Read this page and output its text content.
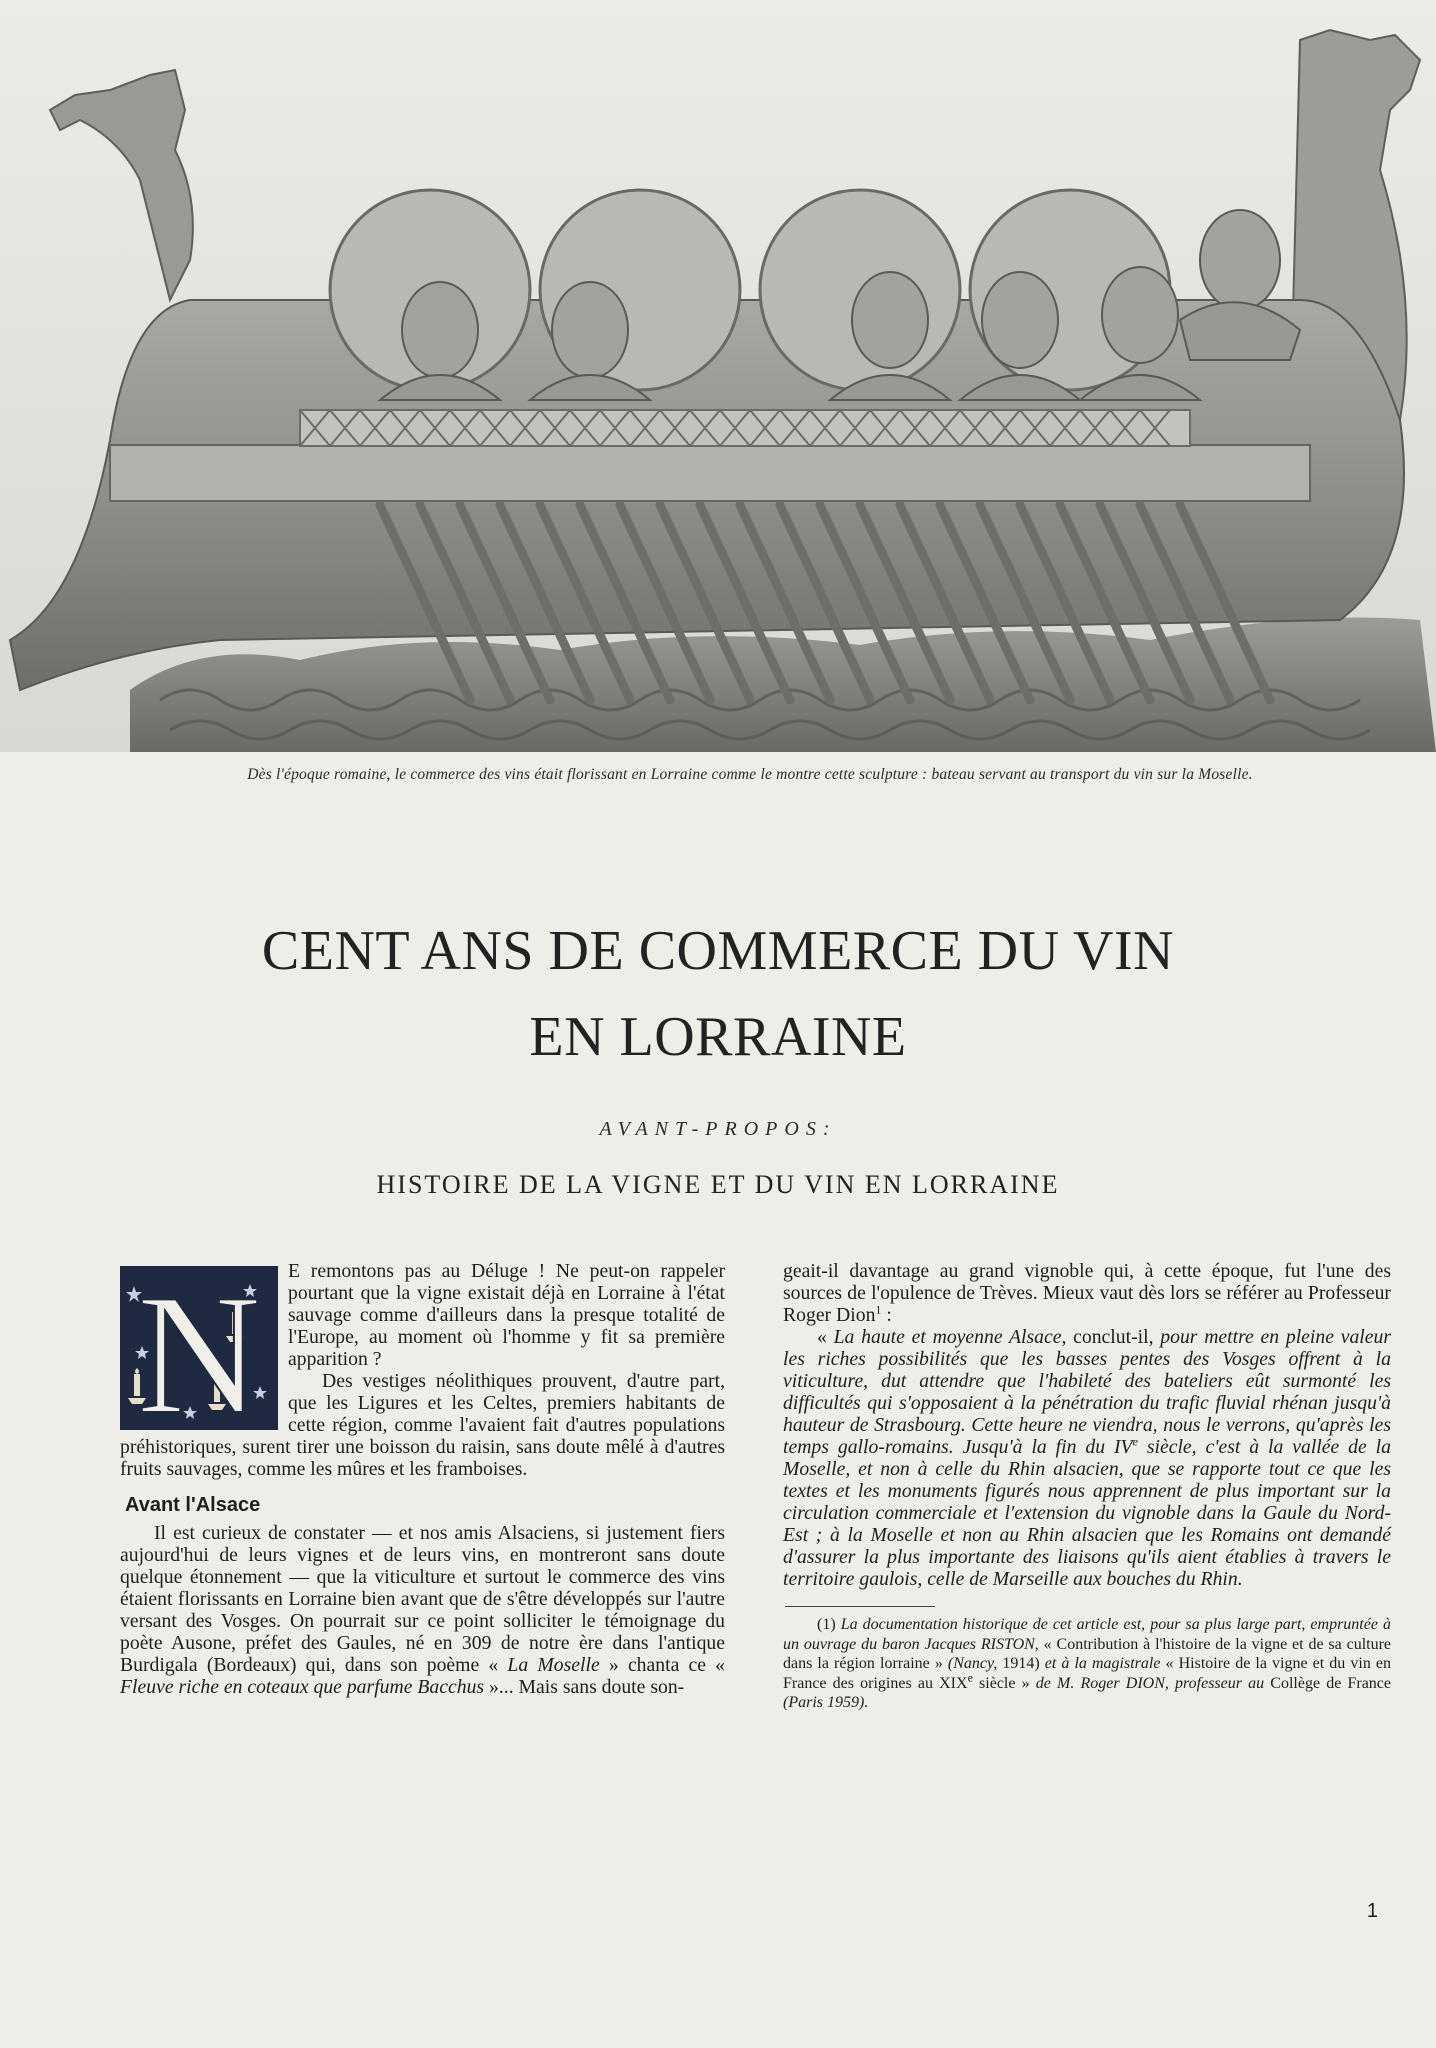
Dès l'époque romaine, le commerce des vins était florissant en Lorraine comme le montre cette sculpture : bateau servant au transport du vin sur la Moselle.
CENT ANS DE COMMERCE DU VIN
EN LORRAINE
AVANT-PROPOS:
HISTOIRE DE LA VIGNE ET DU VIN EN LORRAINE
N	E remontons pas au Déluge ! Ne peut-on rappeler pourtant que la vigne existait déjà en Lorraine à l'état sauvage comme d'ailleurs dans la presque totalité de l'Europe, au moment où l'homme y fit sa première apparition ?

Des vestiges néolithiques prouvent, d'autre part, que les Ligures et les Celtes, premiers habitants de cette région, comme l'avaient fait d'autres populations préhistoriques, surent tirer une boisson du raisin, sans doute mêlé à d'autres fruits sauvages, comme les mûres et les framboises.

Avant l'Alsace

Il est curieux de constater — et nos amis Alsaciens, si justement fiers aujourd'hui de leurs vignes et de leurs vins, en montreront sans doute quelque étonnement — que la viticulture et surtout le commerce des vins étaient florissants en Lorraine bien avant que de s'être développés sur l'autre versant des Vosges. On pourrait sur ce point solliciter le témoignage du poète Ausone, préfet des Gaules, né en 309 de notre ère dans l'antique Burdigala (Bordeaux) qui, dans son poème « La Moselle » chanta ce « Fleuve riche en coteaux que parfume Bacchus »... Mais sans doute son-

geait-il davantage au grand vignoble qui, à cette époque, fut l'une des sources de l'opulence de Trèves. Mieux vaut dès lors se référer au Professeur Roger Dion$^1$ :

« La haute et moyenne Alsace, conclut-il, pour mettre en pleine valeur les riches possibilités que les basses pentes des Vosges offrent à la viticulture, dut attendre que l'habileté des bateliers eût surmonté les difficultés qui s'opposaient à la pénétration du trafic fluvial rhénan jusqu'à hauteur de Strasbourg. Cette heure ne viendra, nous le verrons, qu'après les temps gallo-romains. Jusqu'à la fin du IVe siècle, c'est à la vallée de la Moselle, et non à celle du Rhin alsacien, que se rapporte tout ce que les textes et les monuments figurés nous apprennent de plus important sur la circulation commerciale et l'extension du vignoble dans la Gaule du Nord-Est ; à la Moselle et non au Rhin alsacien que les Romains ont demandé d'assurer la plus importante des liaisons qu'ils aient établies à travers le territoire gaulois, celle de Marseille aux bouches du Rhin.

(1) La documentation historique de cet article est, pour sa plus large part, empruntée à un ouvrage du baron Jacques RISTON, « Contribution à l'histoire de la vigne et de sa culture dans la région lorraine » (Nancy, 1914) et à la magistrale « Histoire de la vigne et du vin en France des origines au XIXe siècle » de M. Roger DION, professeur au Collège de France (Paris 1959).

1
